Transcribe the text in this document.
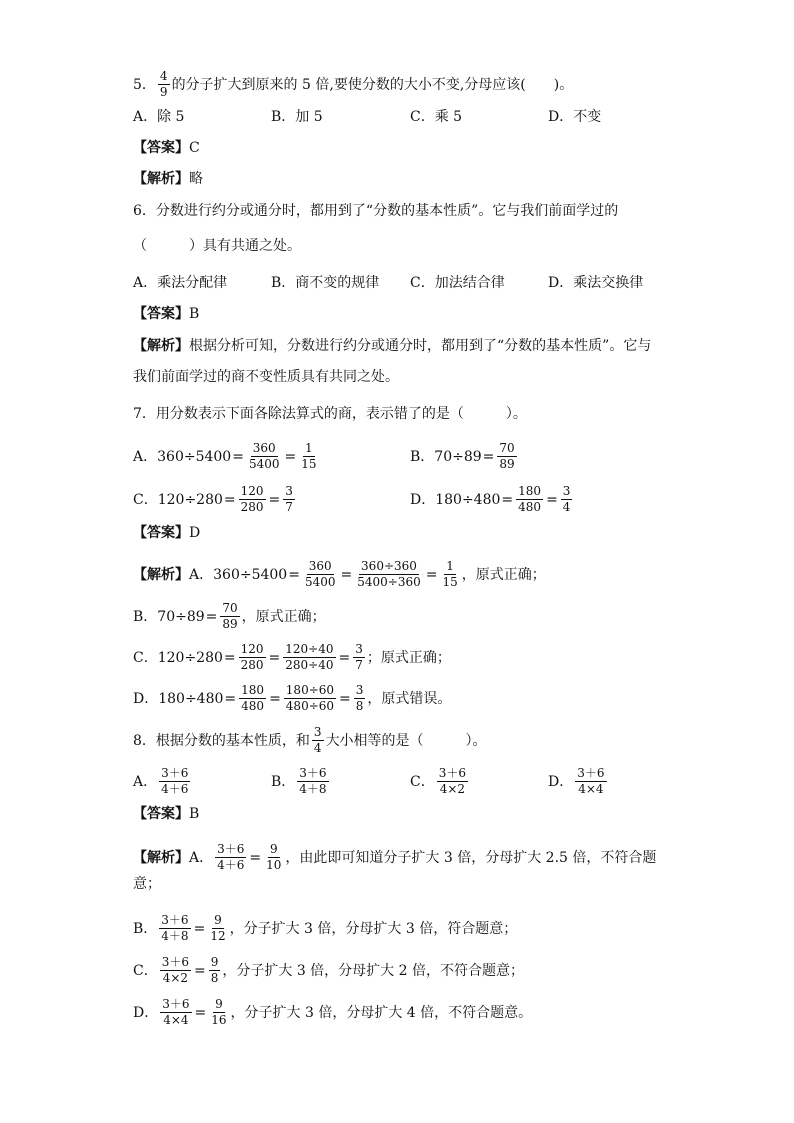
5． $\frac{4}{9}$ 的分子扩大到原来的 5 倍,要使分数的大小不变,分母应该(　　)。
A．除 5	B．加 5	C．乘 5	D．不变
【答案】 C
【解析】 略
6．分数进行约分或通分时，都用到了“分数的基本性质”。它与我们前面学过的
（　　　）具有共通之处。
A．乘法分配律	B．商不变的规律 C．加法结合律	D．乘法交换律
【答案】 B
【解析】 根据分析可知，分数进行约分或通分时，都用到了“分数的基本性质”。它与
我们前面学过的商不变性质具有共同之处。
7．用分数表示下面各除法算式的商，表示错了的是（　　　）。
A． $360\div 5400 = \frac{360}{5400} = \frac{1}{15}$	B． $70\div 89 = \frac{70}{89}$
C． $120\div 280 = \frac{120}{280} = \frac{3}{7}$	D． $180\div 480 = \frac{180}{480} = \frac{3}{4}$
【答案】 D
【解析】 A． $360\div 5400 = \frac{360}{5400} = \frac{360\div 360}{5400\div 360} = \frac{1}{15}$ ，原式正确；
B． $70\div 89 = \frac{70}{89}$ ，原式正确；
C． $120\div 280 = \frac{120}{280} = \frac{120\div 40}{280\div 40} = \frac{3}{7}$ ；原式正确；
D． $180\div 480 = \frac{180}{480} = \frac{180\div 60}{480\div 60} = \frac{3}{8}$ ，原式错误。
8．根据分数的基本性质，和 $\frac{3}{4}$ 大小相等的是（　　　）。
A． $\frac{3+6}{4+6}$	B． $\frac{3+6}{4+8}$	C． $\frac{3+6}{4\times 2}$	D． $\frac{3+6}{4\times 4}$
【答案】 B
【解析】 A． $\frac{3+6}{4+6} = \frac{9}{10}$ ，由此即可知道分子扩大 3 倍，分母扩大 2.5 倍，不符合题
意；
B． $\frac{3+6}{4+8} = \frac{9}{12}$ ，分子扩大 3 倍，分母扩大 3 倍，符合题意；
C． $\frac{3+6}{4\times 2} = \frac{9}{8}$ ，分子扩大 3 倍，分母扩大 2 倍，不符合题意；
D． $\frac{3+6}{4\times 4} = \frac{9}{16}$ ，分子扩大 3 倍，分母扩大 4 倍，不符合题意。
